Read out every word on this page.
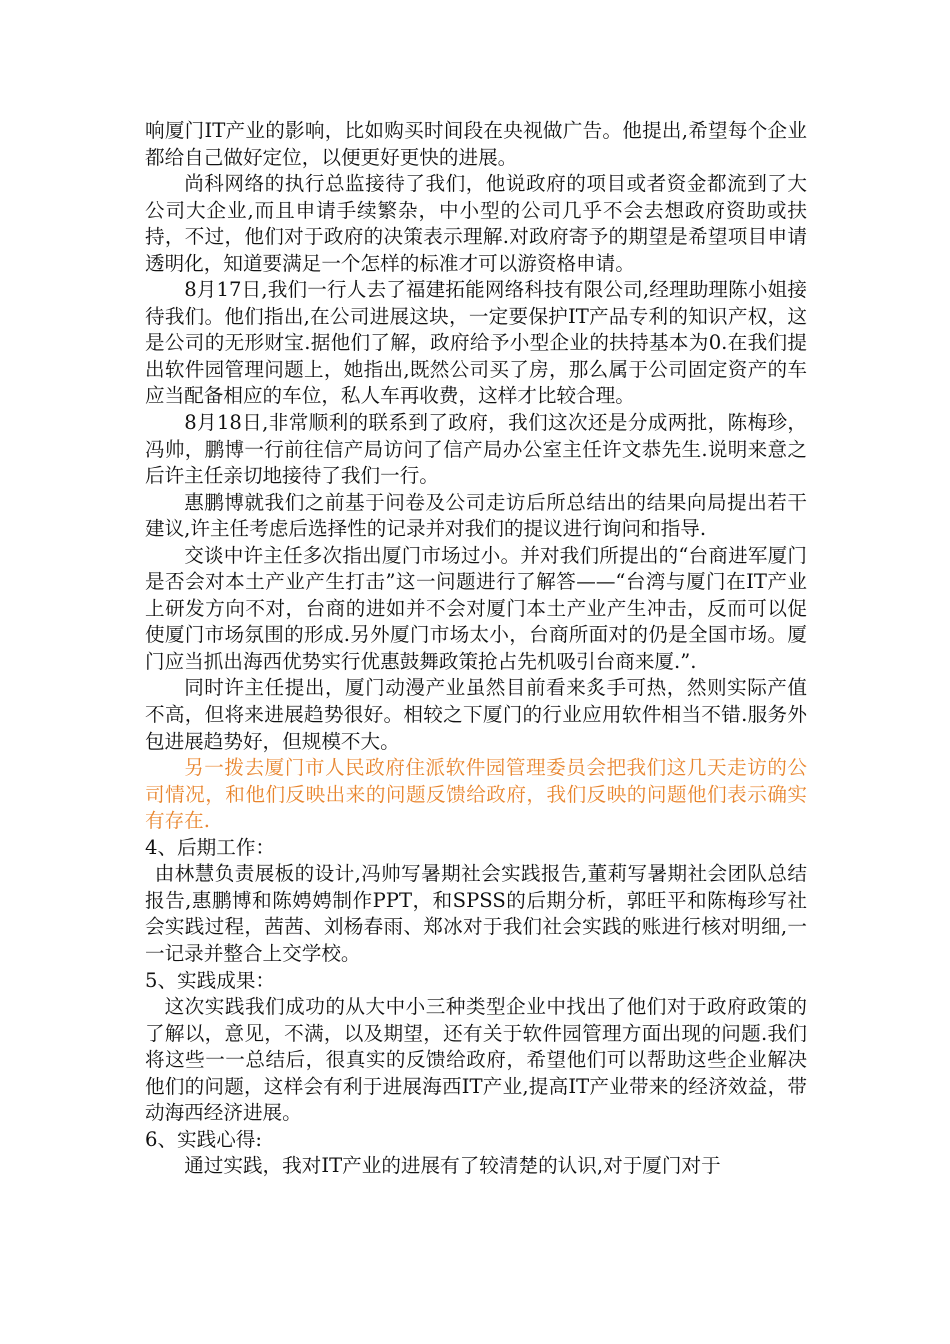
响厦门IT产业的影响，比如购买时间段在央视做广告。他提出,希望每个企业都给自己做好定位，以便更好更快的进展。

尚科网络的执行总监接待了我们，他说政府的项目或者资金都流到了大公司大企业,而且申请手续繁杂，中小型的公司几乎不会去想政府资助或扶持，不过，他们对于政府的决策表示理解.对政府寄予的期望是希望项目申请透明化，知道要满足一个怎样的标准才可以游资格申请。

8月17日,我们一行人去了福建拓能网络科技有限公司,经理助理陈小姐接待我们。他们指出,在公司进展这块，一定要保护IT产品专利的知识产权，这是公司的无形财宝.据他们了解，政府给予小型企业的扶持基本为0.在我们提出软件园管理问题上，她指出,既然公司买了房，那么属于公司固定资产的车应当配备相应的车位，私人车再收费，这样才比较合理。

8月18日,非常顺利的联系到了政府，我们这次还是分成两批，陈梅珍，冯帅，鹏博一行前往信产局访问了信产局办公室主任许文恭先生.说明来意之后许主任亲切地接待了我们一行。

惠鹏博就我们之前基于问卷及公司走访后所总结出的结果向局提出若干建议,许主任考虑后选择性的记录并对我们的提议进行询问和指导.

交谈中许主任多次指出厦门市场过小。并对我们所提出的“台商进军厦门是否会对本土产业产生打击”这一问题进行了解答——“台湾与厦门在IT产业上研发方向不对，台商的进如并不会对厦门本土产业产生冲击，反而可以促使厦门市场氛围的形成.另外厦门市场太小，台商所面对的仍是全国市场。厦门应当抓出海西优势实行优惠鼓舞政策抢占先机吸引台商来厦.”.

同时许主任提出，厦门动漫产业虽然目前看来炙手可热，然则实际产值不高，但将来进展趋势很好。相较之下厦门的行业应用软件相当不错.服务外包进展趋势好，但规模不大。

另一拨去厦门市人民政府住派软件园管理委员会把我们这几天走访的公司情况，和他们反映出来的问题反馈给政府，我们反映的问题他们表示确实有存在.

4、后期工作：

由林慧负责展板的设计,冯帅写暑期社会实践报告,董莉写暑期社会团队总结报告,惠鹏博和陈娉娉制作PPT，和SPSS的后期分析，郭旺平和陈梅珍写社会实践过程，茜茜、刘杨春雨、郑冰对于我们社会实践的账进行核对明细,一一记录并整合上交学校。

5、实践成果：

这次实践我们成功的从大中小三种类型企业中找出了他们对于政府政策的了解以，意见，不满，以及期望，还有关于软件园管理方面出现的问题.我们将这些一一总结后，很真实的反馈给政府，希望他们可以帮助这些企业解决他们的问题，这样会有利于进展海西IT产业,提高IT产业带来的经济效益，带动海西经济进展。

6、实践心得:

通过实践，我对IT产业的进展有了较清楚的认识,对于厦门对于
